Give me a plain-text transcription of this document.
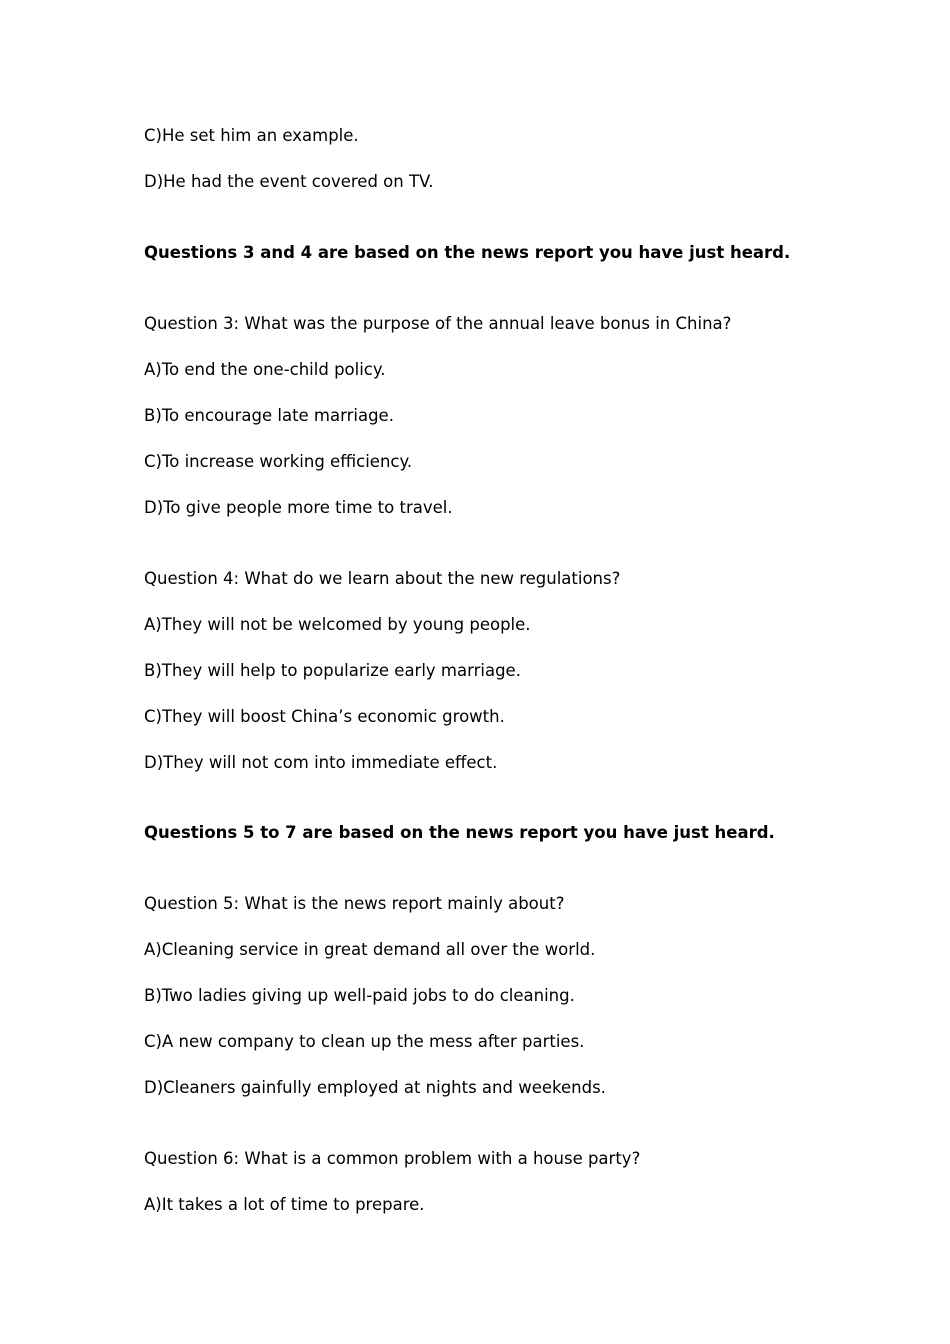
C)He set him an example.
D)He had the event covered on TV.
Questions 3 and 4 are based on the news report you have just heard.
Question 3: What was the purpose of the annual leave bonus in China?
A)To end the one-child policy.
B)To encourage late marriage.
C)To increase working efficiency.
D)To give people more time to travel.
Question 4: What do we learn about the new regulations?
A)They will not be welcomed by young people.
B)They will help to popularize early marriage.
C)They will boost China’s economic growth.
D)They will not com into immediate effect.
Questions 5 to 7 are based on the news report you have just heard.
Question 5: What is the news report mainly about?
A)Cleaning service in great demand all over the world.
B)Two ladies giving up well-paid jobs to do cleaning.
C)A new company to clean up the mess after parties.
D)Cleaners gainfully employed at nights and weekends.
Question 6: What is a common problem with a house party?
A)It takes a lot of time to prepare.
